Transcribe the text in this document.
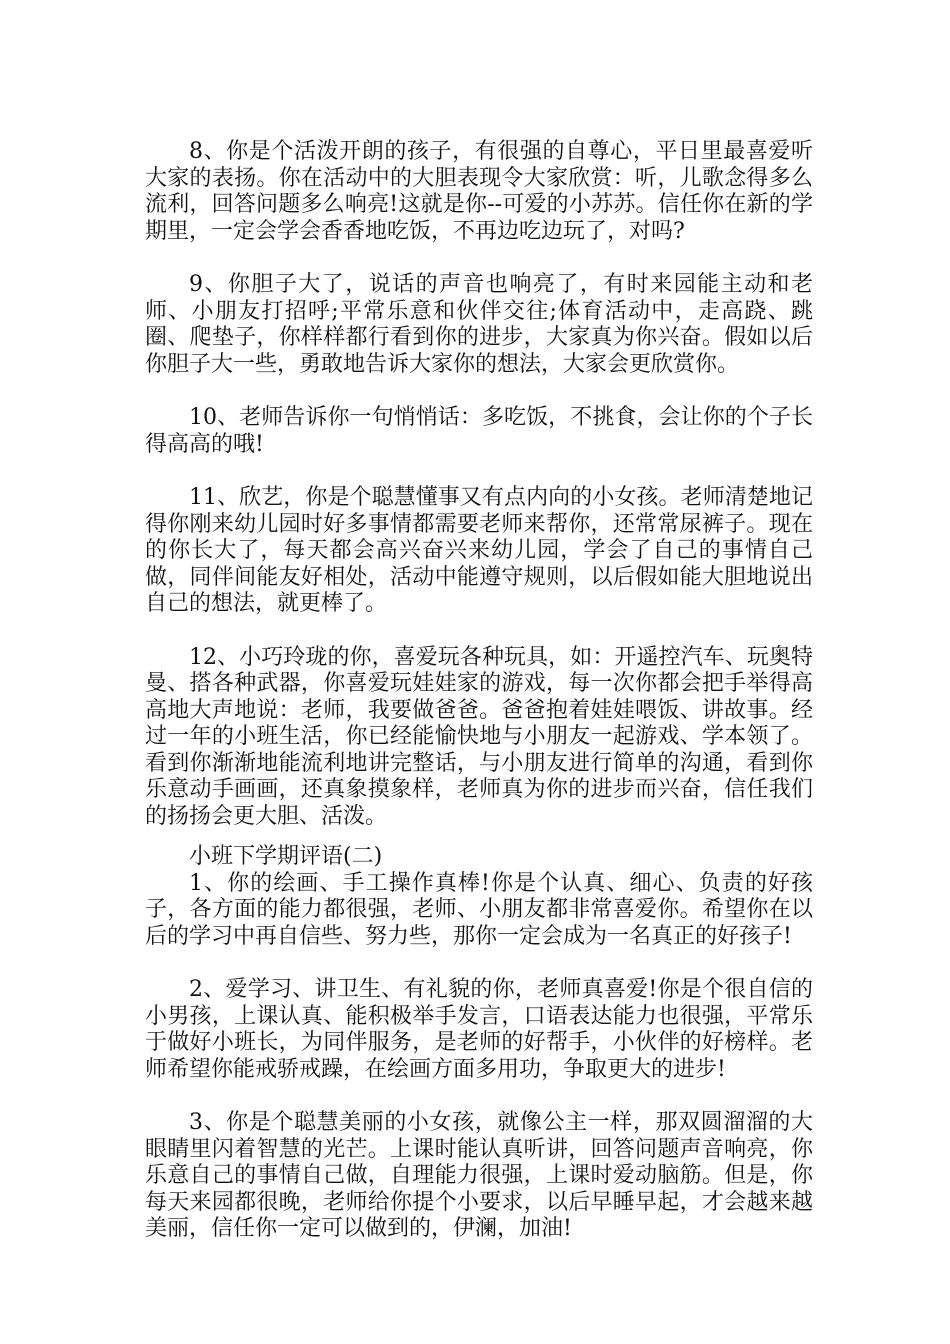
8、你是个活泼开朗的孩子，有很强的自尊心，平日里最喜爱听大家的表扬。你在活动中的大胆表现令大家欣赏：听，儿歌念得多么流利，回答问题多么响亮!这就是你--可爱的小苏苏。信任你在新的学期里，一定会学会香香地吃饭，不再边吃边玩了，对吗?

9、你胆子大了，说话的声音也响亮了，有时来园能主动和老师、小朋友打招呼;平常乐意和伙伴交往;体育活动中，走高跷、跳圈、爬垫子，你样样都行看到你的进步，大家真为你兴奋。假如以后你胆子大一些，勇敢地告诉大家你的想法，大家会更欣赏你。

10、老师告诉你一句悄悄话：多吃饭，不挑食，会让你的个子长得高高的哦!

11、欣艺，你是个聪慧懂事又有点内向的小女孩。老师清楚地记得你刚来幼儿园时好多事情都需要老师来帮你，还常常尿裤子。现在的你长大了，每天都会高兴奋兴来幼儿园，学会了自己的事情自己做，同伴间能友好相处，活动中能遵守规则，以后假如能大胆地说出自己的想法，就更棒了。

12、小巧玲珑的你，喜爱玩各种玩具，如：开遥控汽车、玩奥特曼、搭各种武器，你喜爱玩娃娃家的游戏，每一次你都会把手举得高高地大声地说：老师，我要做爸爸。爸爸抱着娃娃喂饭、讲故事。经过一年的小班生活，你已经能愉快地与小朋友一起游戏、学本领了。看到你渐渐地能流利地讲完整话，与小朋友进行简单的沟通，看到你乐意动手画画，还真象摸象样，老师真为你的进步而兴奋，信任我们的扬扬会更大胆、活泼。

小班下学期评语(二)

1、你的绘画、手工操作真棒!你是个认真、细心、负责的好孩子，各方面的能力都很强，老师、小朋友都非常喜爱你。希望你在以后的学习中再自信些、努力些，那你一定会成为一名真正的好孩子!

2、爱学习、讲卫生、有礼貌的你，老师真喜爱!你是个很自信的小男孩，上课认真、能积极举手发言，口语表达能力也很强，平常乐于做好小班长，为同伴服务，是老师的好帮手，小伙伴的好榜样。老师希望你能戒骄戒躁，在绘画方面多用功，争取更大的进步!

3、你是个聪慧美丽的小女孩，就像公主一样，那双圆溜溜的大眼睛里闪着智慧的光芒。上课时能认真听讲，回答问题声音响亮，你乐意自己的事情自己做，自理能力很强，上课时爱动脑筋。但是，你每天来园都很晚，老师给你提个小要求，以后早睡早起，才会越来越美丽，信任你一定可以做到的，伊澜，加油!
